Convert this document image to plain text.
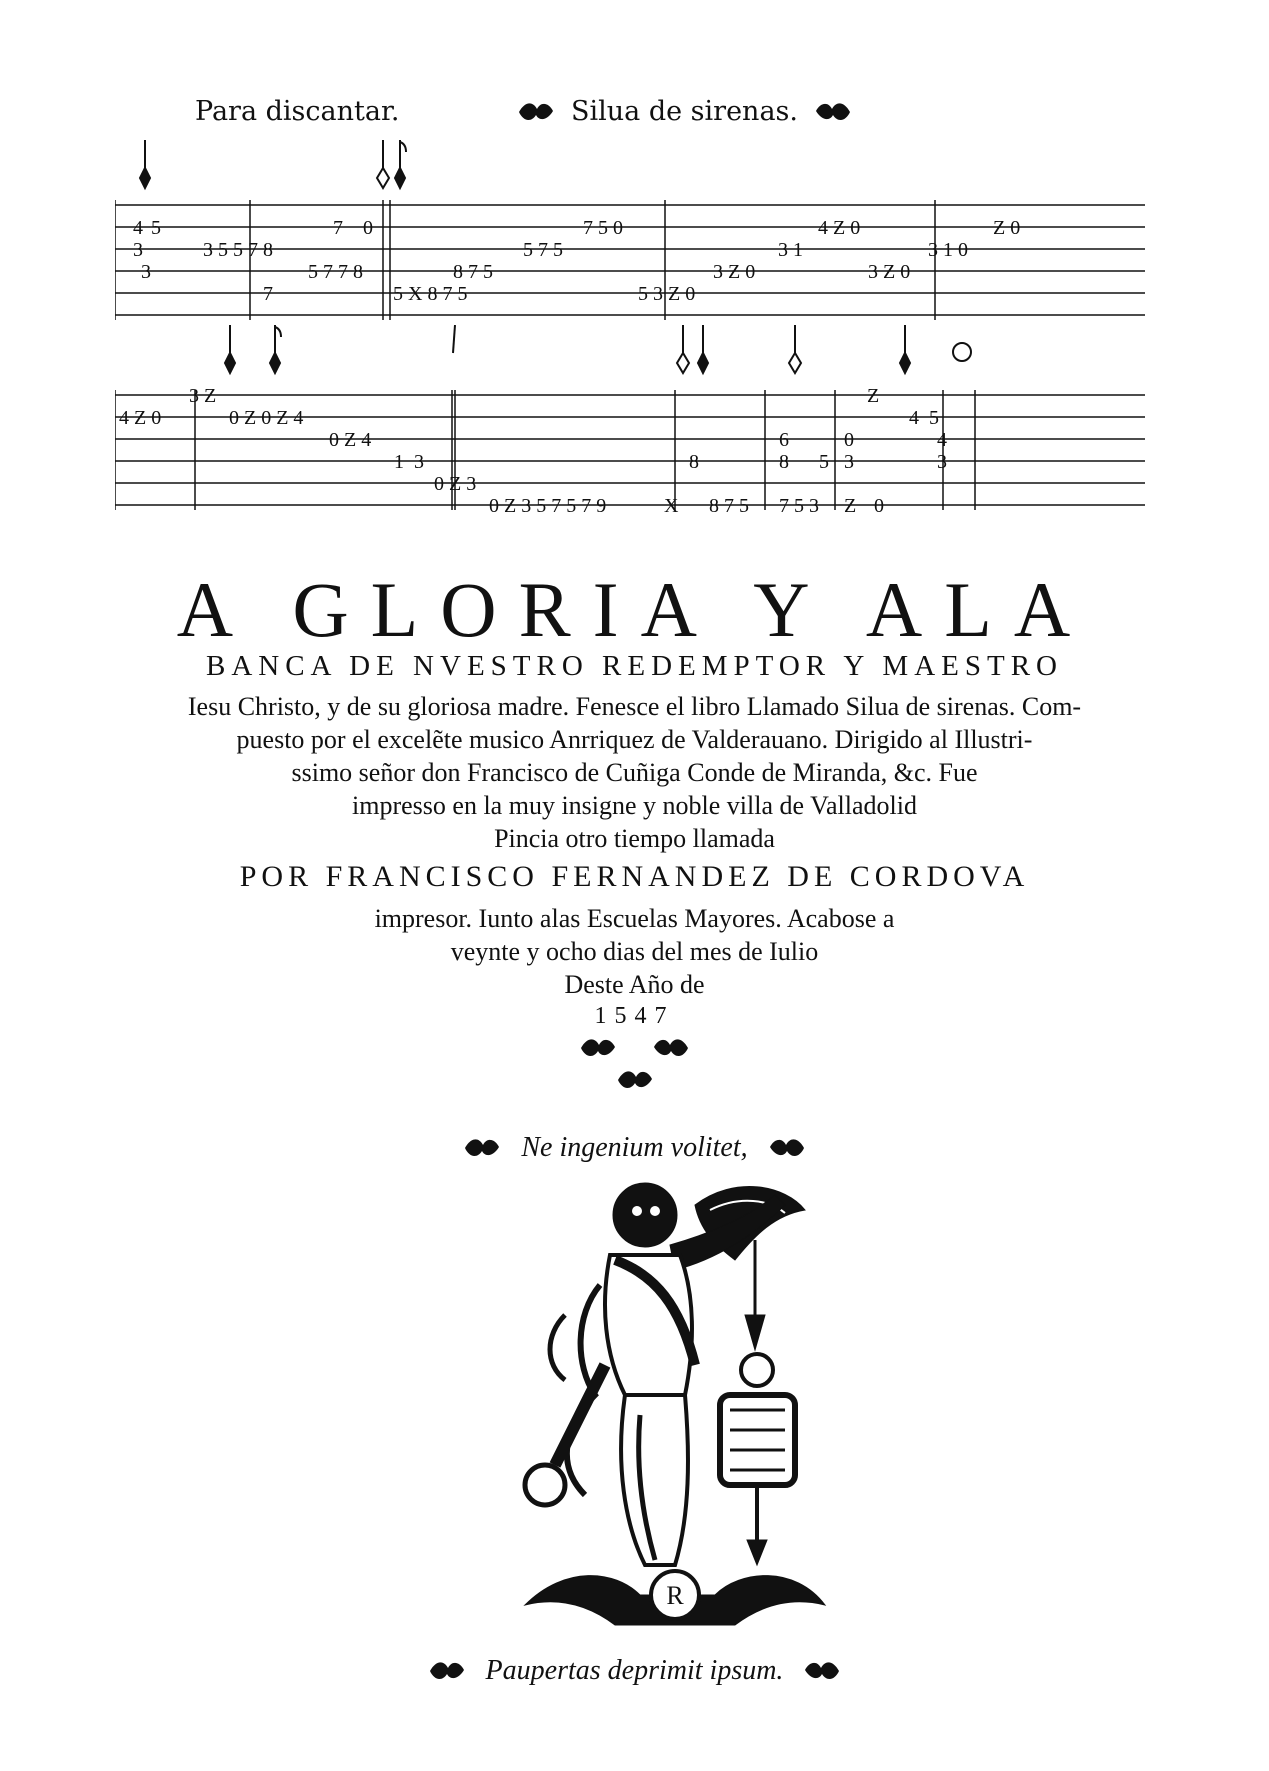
Para discantar.	Silua de sirenas.
4
3
5
3
3 5 5 7 8
5 7 7 8
7
7 0
5 X 8 7 5
8 7 5
5 7 5
7 5 0
5 3 Z 0
3 Z 0
3 1
4 Z 0
3 Z 0
3 1 0
Z 0
4 Z 0
3 Z
0 Z 0 Z 4
0 Z 4
1 3
0 Z 3
0 Z 3 5 7 5 7 9	X
8
8 7 5
6
8 5
7 5 3
0
3
Z 0
Z
4 5
4
3
A GLORIA Y ALA
BANCA DE NVESTRO REDEMPTOR Y MAESTRO
Iesu Christo, y de su gloriosa madre. Fenesce el libro Llamado Silua de sirenas. Com-
puesto por el excelẽte musico Anrriquez de Valderauano. Dirigido al Illustri-
ssimo señor don Francisco de Cuñiga Conde de Miranda, &c. Fue
impresso en la muy insigne y noble villa de Valladolid
Pincia otro tiempo llamada
POR FRANCISCO FERNANDEZ DE CORDOVA
impresor. Iunto alas Escuelas Mayores. Acabose a
veynte y ocho dias del mes de Iulio
Deste Año de
1547

Ne ingenium volitet,
R
Paupertas deprimit ipsum.
